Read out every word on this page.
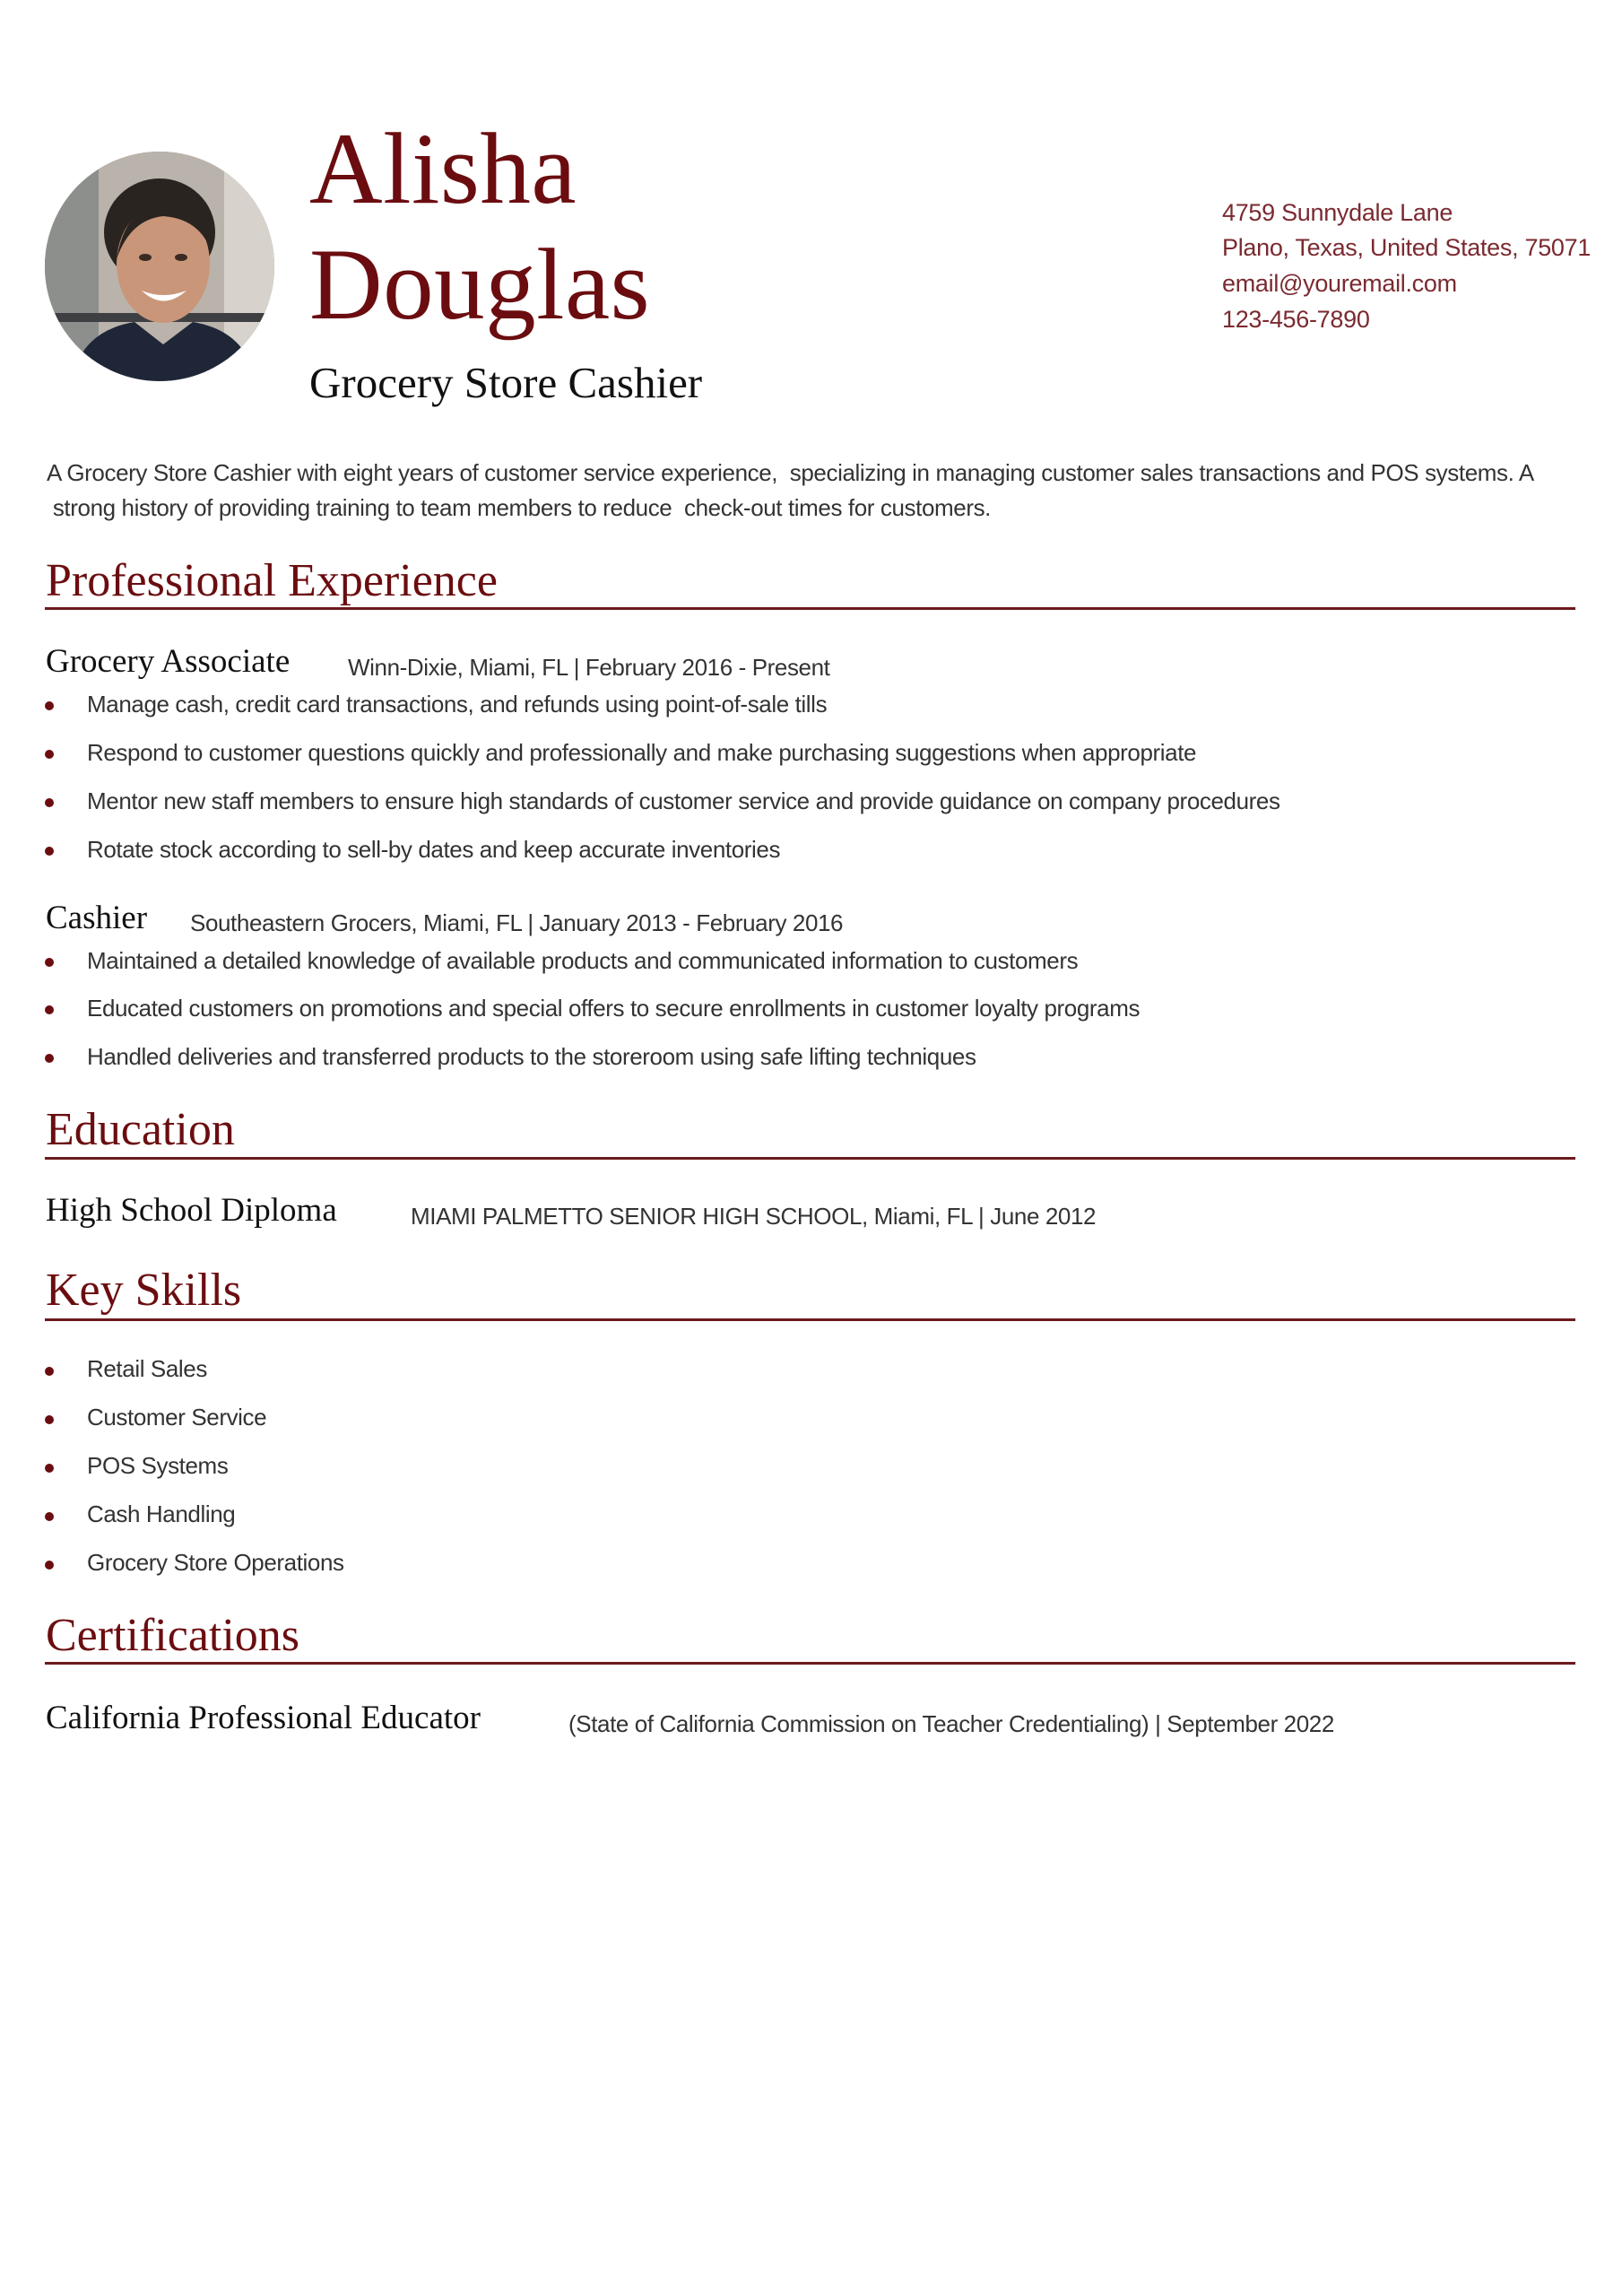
Alisha
Douglas
Grocery Store Cashier
4759 Sunnydale Lane
Plano, Texas, United States, 75071
email@youremail.com
123-456-7890
A Grocery Store Cashier with eight years of customer service experience,  specializing in managing customer sales transactions and POS systems. A
strong history of providing training to team members to reduce  check-out times for customers.
Professional Experience
Grocery Associate Winn-Dixie, Miami, FL | February 2016 - Present
Manage cash, credit card transactions, and refunds using point-of-sale tills
Respond to customer questions quickly and professionally and make purchasing suggestions when appropriate
Mentor new staff members to ensure high standards of customer service and provide guidance on company procedures
Rotate stock according to sell-by dates and keep accurate inventories
Cashier Southeastern Grocers, Miami, FL | January 2013 - February 2016
Maintained a detailed knowledge of available products and communicated information to customers
Educated customers on promotions and special offers to secure enrollments in customer loyalty programs
Handled deliveries and transferred products to the storeroom using safe lifting techniques
Education
High School Diploma	MIAMI PALMETTO SENIOR HIGH SCHOOL, Miami, FL | June 2012
Key Skills
Retail Sales
Customer Service
POS Systems
Cash Handling
Grocery Store Operations
Certifications
California Professional Educator	(State of California Commission on Teacher Credentialing) | September 2022
